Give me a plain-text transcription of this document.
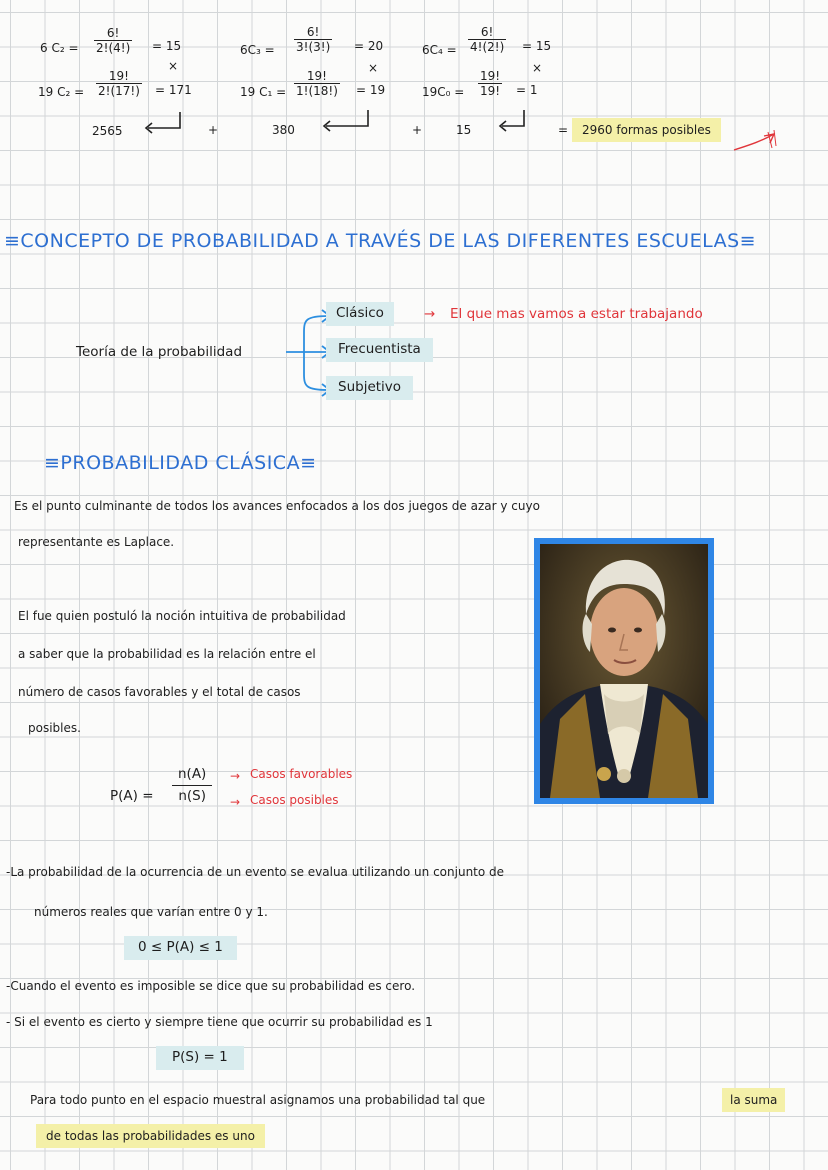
6 $C_2 = \frac{6!}{2!(4!)} = 15$
×
19 $C_2 = \frac{19!}{2!(17!)} = 171$
2565	+
$6C_3 = \frac{6!}{3!(3!)} = 20$
×
19 $C_1 = \frac{19!}{1!(18!)} = 19$
380	+
$6C_4 = \frac{6!}{4!(2!)} = 15$
×
$19C_0 = \frac{19!}{19!} = 1$
15	=	2960 formas posibles
≡CONCEPTO DE PROBABILIDAD A TRAVÉS DE LAS DIFERENTES ESCUELAS≡
Teoría de la probabilidad
Clásico
Frecuentista
Subjetivo
→ El que mas vamos a estar trabajando
≡PROBABILIDAD CLÁSICA≡
Es el punto culminante de todos los avances enfocados a los dos juegos de azar y cuyo
representante es Laplace.
El fue quien postuló la noción intuitiva de probabilidad
a saber que la probabilidad es la relación entre el
número de casos favorables y el total de casos
posibles.
$P(A) = \frac{n(A)}{n(S)}$ → Casos favorables
→ Casos posibles
-La probabilidad de la ocurrencia de un evento se evalua utilizando un conjunto de
números reales que varían entre 0 y 1.
0 ≤ P(A) ≤ 1
-Cuando el evento es imposible se dice que su probabilidad es cero.
- Si el evento es cierto y siempre tiene que ocurrir su probabilidad es 1
P(S) = 1
Para todo punto en el espacio muestral asignamos una probabilidad tal que	la suma
de todas las probabilidades es uno
